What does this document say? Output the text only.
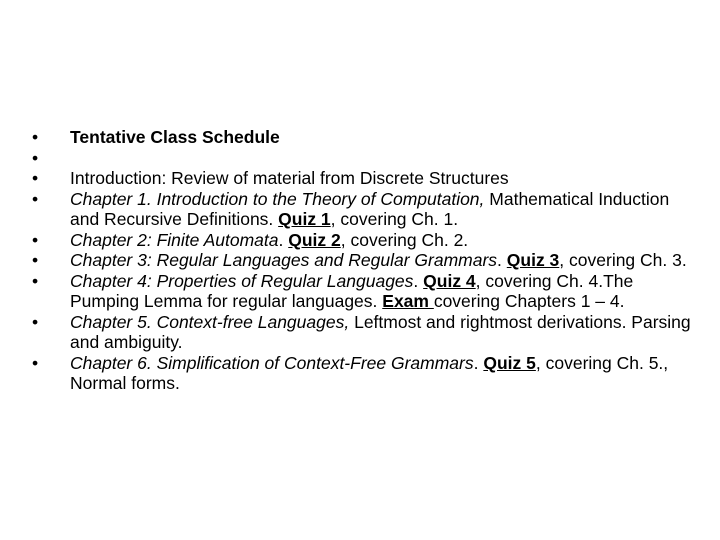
• Tentative Class Schedule
•
• Introduction: Review of material from Discrete Structures
• Chapter 1. Introduction to the Theory of Computation, Mathematical Induction and Recursive Definitions. Quiz 1, covering Ch. 1.
• Chapter 2: Finite Automata. Quiz 2, covering Ch. 2.
• Chapter 3: Regular Languages and Regular Grammars. Quiz 3, covering Ch. 3.
• Chapter 4: Properties of Regular Languages. Quiz 4, covering Ch. 4.The Pumping Lemma for regular languages. Exam covering Chapters 1 – 4.
• Chapter 5. Context-free Languages, Leftmost and rightmost derivations. Parsing and ambiguity.
• Chapter 6. Simplification of Context-Free Grammars. Quiz 5, covering Ch. 5., Normal forms.
